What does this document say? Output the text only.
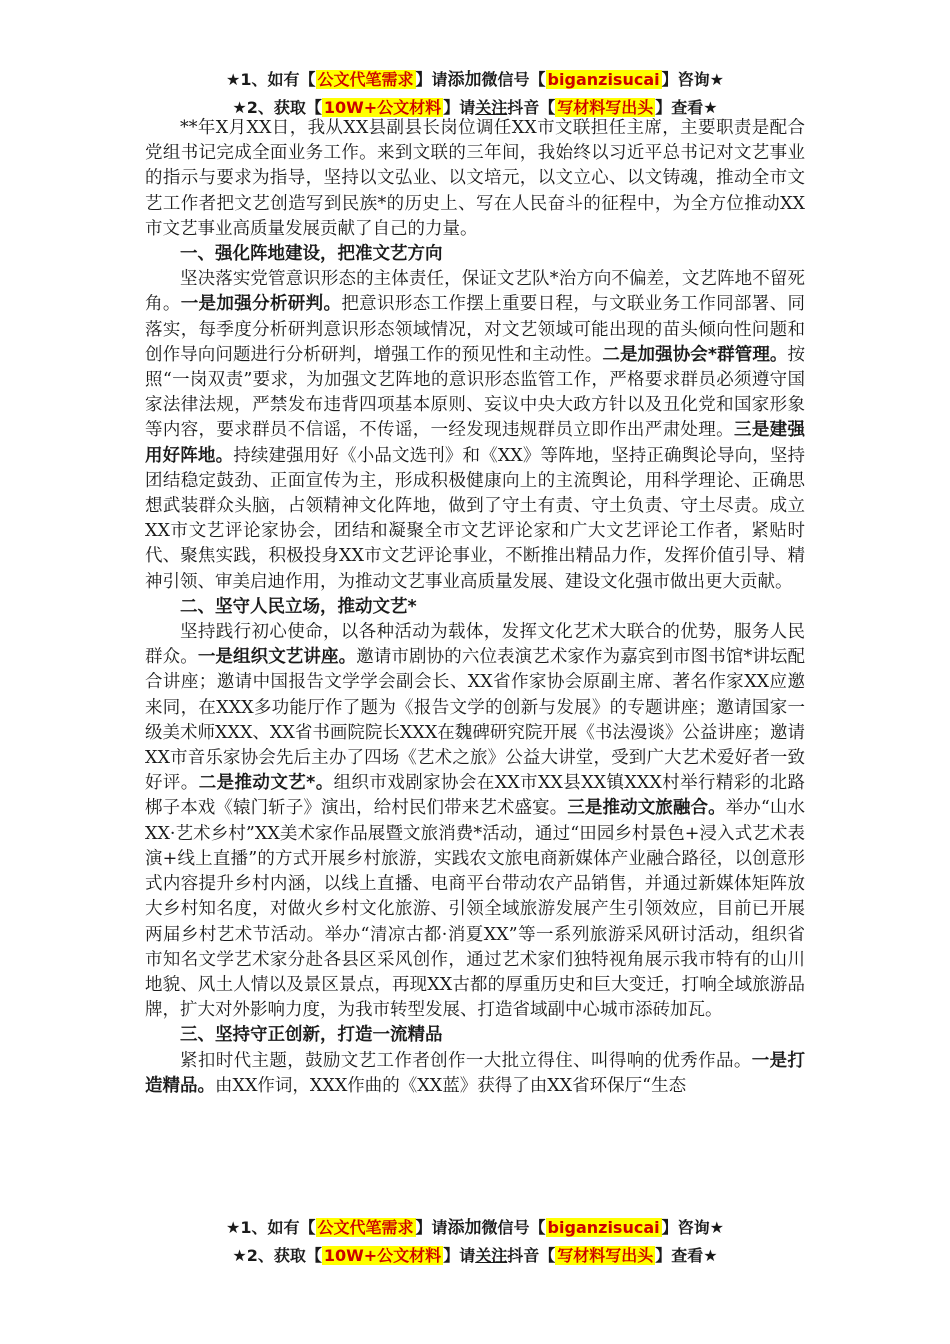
★1、如有【 公文代笔需求 】请添加微信号【 biganzisucai 】咨询★
★2、获取【 10W+公文材料 】请关注抖音【 写材料写出头 】查看★

**年X月XX日，我从XX县副县长岗位调任XX市文联担任主席，主要职责是配合党组书记完成全面业务工作。来到文联的三年间，我始终以习近平总书记对文艺事业的指示与要求为指导，坚持以文弘业、以文培元，以文立心、以文铸魂，推动全市文艺工作者把文艺创造写到民族*的历史上、写在人民奋斗的征程中，为全方位推动XX市文艺事业高质量发展贡献了自己的力量。

一、强化阵地建设，把准文艺方向

坚决落实党管意识形态的主体责任，保证文艺队*治方向不偏差，文艺阵地不留死角。一是加强分析研判。把意识形态工作摆上重要日程，与文联业务工作同部署、同落实，每季度分析研判意识形态领域情况，对文艺领域可能出现的苗头倾向性问题和创作导向问题进行分析研判，增强工作的预见性和主动性。二是加强协会*群管理。按照“一岗双责”要求，为加强文艺阵地的意识形态监管工作，严格要求群员必须遵守国家法律法规，严禁发布违背四项基本原则、妄议中央大政方针以及丑化党和国家形象等内容，要求群员不信谣，不传谣，一经发现违规群员立即作出严肃处理。三是建强用好阵地。持续建强用好《小品文选刊》和《XX》等阵地，坚持正确舆论导向，坚持团结稳定鼓劲、正面宣传为主，形成积极健康向上的主流舆论，用科学理论、正确思想武装群众头脑，占领精神文化阵地，做到了守土有责、守土负责、守土尽责。成立XX市文艺评论家协会，团结和凝聚全市文艺评论家和广大文艺评论工作者，紧贴时代、聚焦实践，积极投身XX市文艺评论事业，不断推出精品力作，发挥价值引导、精神引领、审美启迪作用，为推动文艺事业高质量发展、建设文化强市做出更大贡献。

二、坚守人民立场，推动文艺*

坚持践行初心使命，以各种活动为载体，发挥文化艺术大联合的优势，服务人民群众。一是组织文艺讲座。邀请市剧协的六位表演艺术家作为嘉宾到市图书馆*讲坛配合讲座；邀请中国报告文学学会副会长、XX省作家协会原副主席、著名作家XX应邀来同，在XXX多功能厅作了题为《报告文学的创新与发展》的专题讲座；邀请国家一级美术师XXX、XX省书画院院长XXX在魏碑研究院开展《书法漫谈》公益讲座；邀请XX市音乐家协会先后主办了四场《艺术之旅》公益大讲堂，受到广大艺术爱好者一致好评。二是推动文艺*。组织市戏剧家协会在XX市XX县XX镇XXX村举行精彩的北路梆子本戏《辕门斩子》演出，给村民们带来艺术盛宴。三是推动文旅融合。举办“山水XX·艺术乡村”XX美术家作品展暨文旅消费*活动，通过“田园乡村景色+浸入式艺术表演+线上直播”的方式开展乡村旅游，实践农文旅电商新媒体产业融合路径，以创意形式内容提升乡村内涵，以线上直播、电商平台带动农产品销售，并通过新媒体矩阵放大乡村知名度，对做火乡村文化旅游、引领全域旅游发展产生引领效应，目前已开展两届乡村艺术节活动。举办“清凉古都·消夏XX”等一系列旅游采风研讨活动，组织省市知名文学艺术家分赴各县区采风创作，通过艺术家们独特视角展示我市特有的山川地貌、风土人情以及景区景点，再现XX古都的厚重历史和巨大变迁，打响全域旅游品牌，扩大对外影响力度，为我市转型发展、打造省域副中心城市添砖加瓦。

三、坚持守正创新，打造一流精品

紧扣时代主题，鼓励文艺工作者创作一大批立得住、叫得响的优秀作品。一是打造精品。由XX作词，XXX作曲的《XX蓝》获得了由XX省环保厅“生态

★1、如有【 公文代笔需求 】请添加微信号【 biganzisucai 】咨询★
★2、获取【 10W+公文材料 】请关注抖音【 写材料写出头 】查看★
